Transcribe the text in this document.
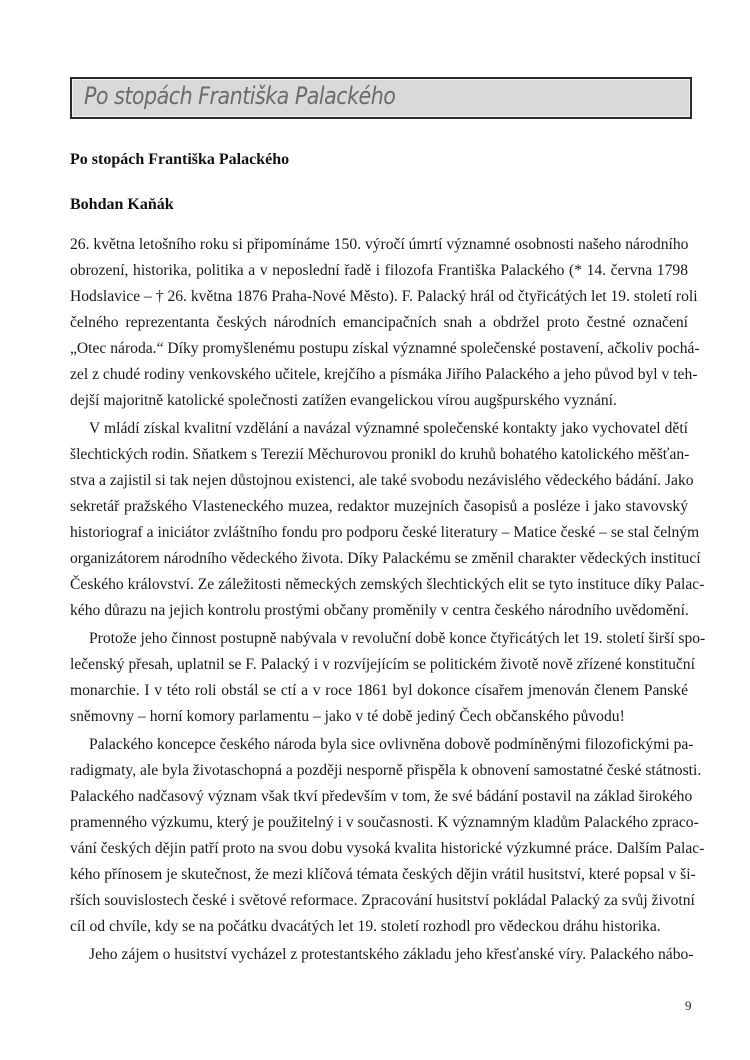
Po stopách Františka Palackého
Po stopách Františka Palackého
Bohdan Kaňák
26. května letošního roku si připomínáme 150. výročí úmrtí významné osobnosti našeho národního
obrození, historika, politika a v neposlední řadě i filozofa Františka Palackého (* 14. června 1798
Hodslavice – † 26. května 1876 Praha-Nové Město). F. Palacký hrál od čtyřicátých let 19. století roli
čelného reprezentanta českých národních emancipačních snah a obdržel proto čestné označení
„Otec národa.“ Díky promyšlenému postupu získal významné společenské postavení, ačkoliv pochá-
zel z chudé rodiny venkovského učitele, krejčího a písmáka Jiřího Palackého a jeho původ byl v teh-
dejší majoritně katolické společnosti zatížen evangelickou vírou augšpurského vyznání.
V mládí získal kvalitní vzdělání a navázal významné společenské kontakty jako vychovatel dětí
šlechtických rodin. Sňatkem s Terezií Měchurovou pronikl do kruhů bohatého katolického měšťan-
stva a zajistil si tak nejen důstojnou existenci, ale také svobodu nezávislého vědeckého bádání. Jako
sekretář pražského Vlasteneckého muzea, redaktor muzejních časopisů a posléze i jako stavovský
historiograf a iniciátor zvláštního fondu pro podporu české literatury – Matice české – se stal čelným
organizátorem národního vědeckého života. Díky Palackému se změnil charakter vědeckých institucí
Českého království. Ze záležitosti německých zemských šlechtických elit se tyto instituce díky Palac-
kého důrazu na jejich kontrolu prostými občany proměnily v centra českého národního uvědomění.
Protože jeho činnost postupně nabývala v revoluční době konce čtyřicátých let 19. století širší spo-
lečenský přesah, uplatnil se F. Palacký i v rozvíjejícím se politickém životě nově zřízené konstituční
monarchie. I v této roli obstál se ctí a v roce 1861 byl dokonce císařem jmenován členem Panské
sněmovny – horní komory parlamentu – jako v té době jediný Čech občanského původu!
Palackého koncepce českého národa byla sice ovlivněna dobově podmíněnými filozofickými pa-
radigmaty, ale byla životaschopná a později nesporně přispěla k obnovení samostatné české státnosti.
Palackého nadčasový význam však tkví především v tom, že své bádání postavil na základ širokého
pramenného výzkumu, který je použitelný i v současnosti. K významným kladům Palackého zpraco-
vání českých dějin patří proto na svou dobu vysoká kvalita historické výzkumné práce. Dalším Palac-
kého přínosem je skutečnost, že mezi klíčová témata českých dějin vrátil husitství, které popsal v ši-
rších souvislostech české i světové reformace. Zpracování husitství pokládal Palacký za svůj životní
cíl od chvíle, kdy se na počátku dvacátých let 19. století rozhodl pro vědeckou dráhu historika.
Jeho zájem o husitství vycházel z protestantského základu jeho křesťanské víry. Palackého nábo-
9
